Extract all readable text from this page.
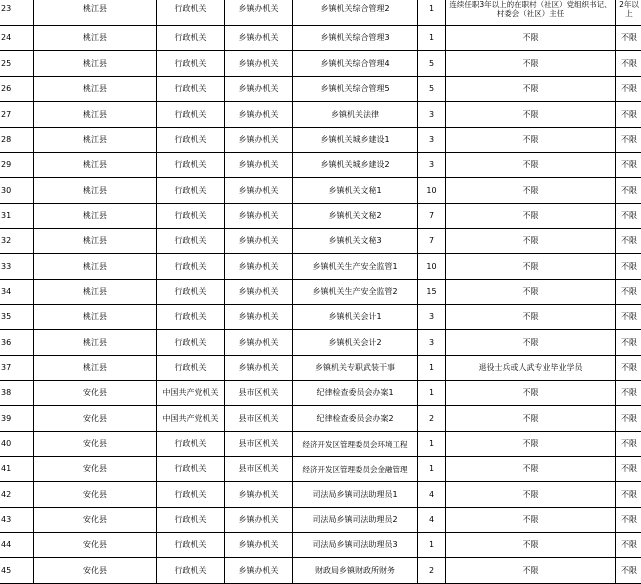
23	桃江县	行政机关	乡镇办机关	乡镇机关综合管理2	1	连续任职3年以上的在职村（社区）党组织书记、村委会（社区）主任	2年以上
24	桃江县	行政机关	乡镇办机关	乡镇机关综合管理3	1	不限	不限
25	桃江县	行政机关	乡镇办机关	乡镇机关综合管理4	5	不限	不限
26	桃江县	行政机关	乡镇办机关	乡镇机关综合管理5	5	不限	不限
27	桃江县	行政机关	乡镇办机关	乡镇机关法律	3	不限	不限
28	桃江县	行政机关	乡镇办机关	乡镇机关城乡建设1	3	不限	不限
29	桃江县	行政机关	乡镇办机关	乡镇机关城乡建设2	3	不限	不限
30	桃江县	行政机关	乡镇办机关	乡镇机关文秘1	10	不限	不限
31	桃江县	行政机关	乡镇办机关	乡镇机关文秘2	7	不限	不限
32	桃江县	行政机关	乡镇办机关	乡镇机关文秘3	7	不限	不限
33	桃江县	行政机关	乡镇办机关	乡镇机关生产安全监管1	10	不限	不限
34	桃江县	行政机关	乡镇办机关	乡镇机关生产安全监管2	15	不限	不限
35	桃江县	行政机关	乡镇办机关	乡镇机关会计1	3	不限	不限
36	桃江县	行政机关	乡镇办机关	乡镇机关会计2	3	不限	不限
37	桃江县	行政机关	乡镇办机关	乡镇机关专职武装干事	1	退役士兵或人武专业毕业学员	不限
38	安化县	中国共产党机关	县市区机关	纪律检查委员会办案1	1	不限	不限
39	安化县	中国共产党机关	县市区机关	纪律检查委员会办案2	2	不限	不限
40	安化县	行政机关	县市区机关	经济开发区管理委员会环境工程	1	不限	不限
41	安化县	行政机关	县市区机关	经济开发区管理委员会金融管理	1	不限	不限
42	安化县	行政机关	乡镇办机关	司法局乡镇司法助理员1	4	不限	不限
43	安化县	行政机关	乡镇办机关	司法局乡镇司法助理员2	4	不限	不限
44	安化县	行政机关	乡镇办机关	司法局乡镇司法助理员3	1	不限	不限
45	安化县	行政机关	乡镇办机关	财政局乡镇财政所财务	2	不限	不限
